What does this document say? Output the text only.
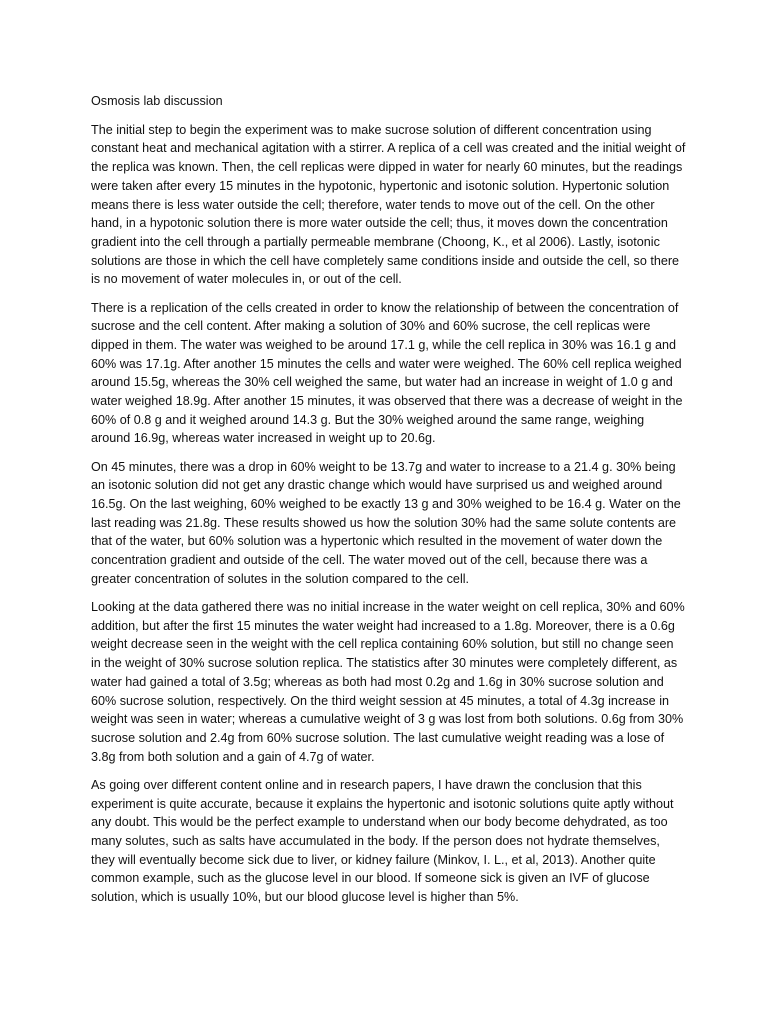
Osmosis lab discussion

The initial step to begin the experiment was to make sucrose solution of different concentration using constant heat and mechanical agitation with a stirrer. A replica of a cell was created and the initial weight of the replica was known. Then, the cell replicas were dipped in water for nearly 60 minutes, but the readings were taken after every 15 minutes in the hypotonic, hypertonic and isotonic solution. Hypertonic solution means there is less water outside the cell; therefore, water tends to move out of the cell. On the other hand, in a hypotonic solution there is more water outside the cell; thus, it moves down the concentration gradient into the cell through a partially permeable membrane (Choong, K., et al 2006). Lastly, isotonic solutions are those in which the cell have completely same conditions inside and outside the cell, so there is no movement of water molecules in, or out of the cell.

There is a replication of the cells created in order to know the relationship of between the concentration of sucrose and the cell content. After making a solution of 30% and 60% sucrose, the cell replicas were dipped in them. The water was weighed to be around 17.1 g, while the cell replica in 30% was 16.1 g and 60% was 17.1g. After another 15 minutes the cells and water were weighed. The 60% cell replica weighed around 15.5g, whereas the 30% cell weighed the same, but water had an increase in weight of 1.0 g and water weighed 18.9g. After another 15 minutes, it was observed that there was a decrease of weight in the 60% of 0.8 g and it weighed around 14.3 g. But the 30% weighed around the same range, weighing around 16.9g, whereas water increased in weight up to 20.6g.

On 45 minutes, there was a drop in 60% weight to be 13.7g and water to increase to a 21.4 g. 30% being an isotonic solution did not get any drastic change which would have surprised us and weighed around 16.5g. On the last weighing, 60% weighed to be exactly 13 g and 30% weighed to be 16.4 g. Water on the last reading was 21.8g. These results showed us how the solution 30% had the same solute contents are that of the water, but 60% solution was a hypertonic which resulted in the movement of water down the concentration gradient and outside of the cell. The water moved out of the cell, because there was a greater concentration of solutes in the solution compared to the cell.

Looking at the data gathered there was no initial increase in the water weight on cell replica, 30% and 60% addition, but after the first 15 minutes the water weight had increased to a 1.8g. Moreover, there is a 0.6g weight decrease seen in the weight with the cell replica containing 60% solution, but still no change seen in the weight of 30% sucrose solution replica. The statistics after 30 minutes were completely different, as water had gained a total of 3.5g; whereas as both had most 0.2g and 1.6g in 30% sucrose solution and 60% sucrose solution, respectively. On the third weight session at 45 minutes, a total of 4.3g increase in weight was seen in water; whereas a cumulative weight of 3 g was lost from both solutions. 0.6g from 30% sucrose solution and 2.4g from 60% sucrose solution. The last cumulative weight reading was a lose of 3.8g from both solution and a gain of 4.7g of water.

As going over different content online and in research papers, I have drawn the conclusion that this experiment is quite accurate, because it explains the hypertonic and isotonic solutions quite aptly without any doubt. This would be the perfect example to understand when our body become dehydrated, as too many solutes, such as salts have accumulated in the body. If the person does not hydrate themselves, they will eventually become sick due to liver, or kidney failure (Minkov, I. L., et al, 2013). Another quite common example, such as the glucose level in our blood. If someone sick is given an IVF of glucose solution, which is usually 10%, but our blood glucose level is higher than 5%.
